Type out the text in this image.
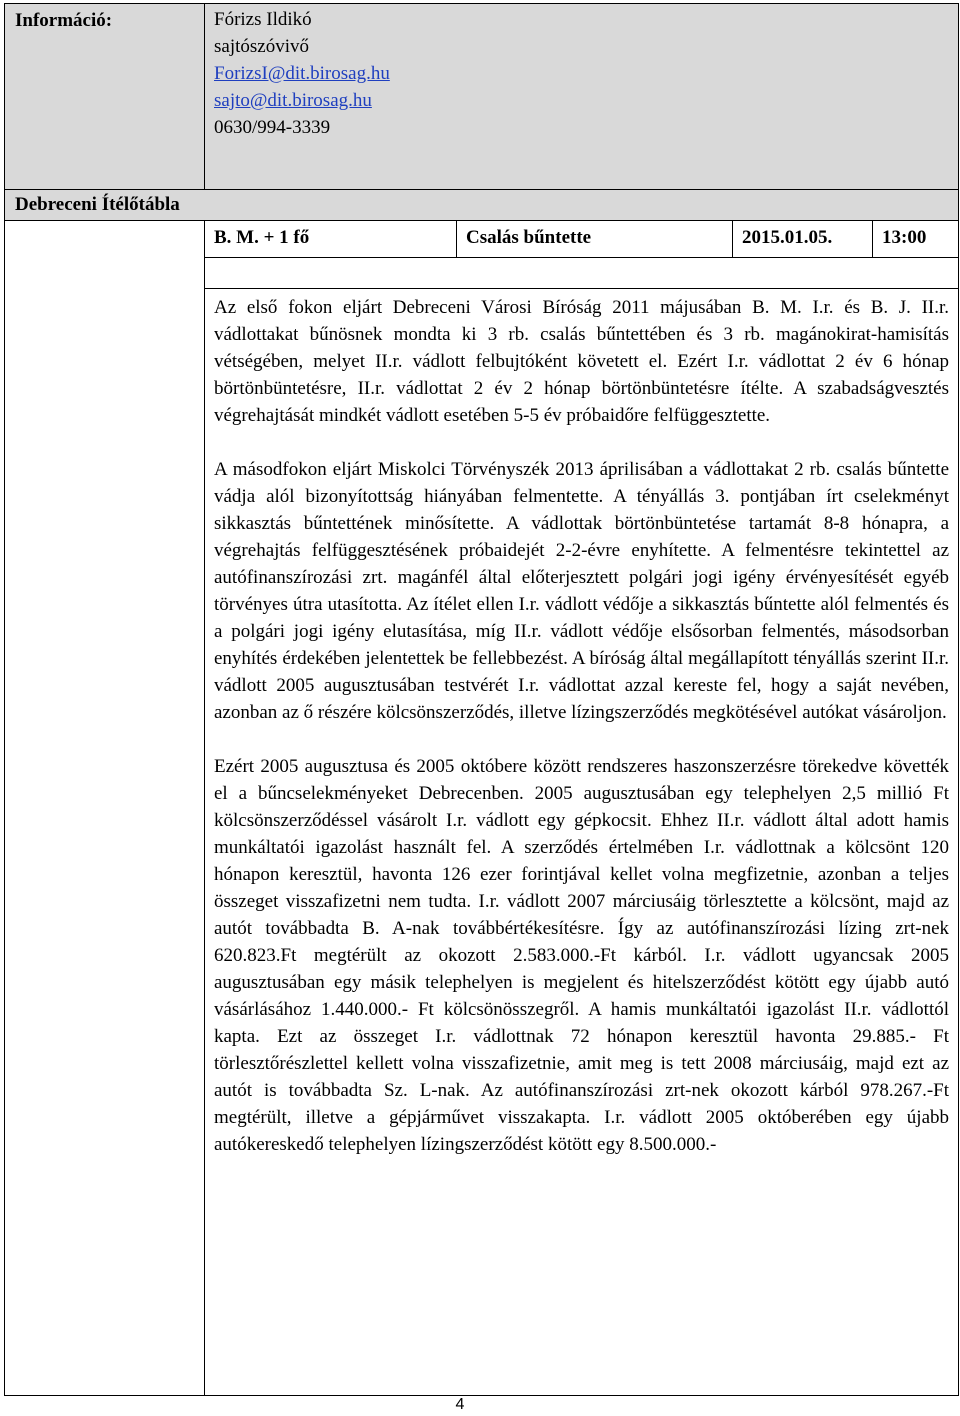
Információ:	Fórizs Ildikó
sajtószóvivő
ForizsI@dit.birosag.hu
sajto@dit.birosag.hu
0630/994-3339			

Debreceni Ítélőtábla				
	B. M. + 1 fő	Csalás bűntette	2015.01.05.	13:00

	Az első fokon eljárt Debreceni Városi Bíróság 2011 májusában B. M. I.r. és B. J. II.r. vádlottakat bűnösnek mondta ki 3 rb. csalás bűntettében és 3 rb. magánokirat-hamisítás vétségében, melyet II.r. vádlott felbujtóként követett el. Ezért I.r. vádlottat 2 év 6 hónap börtönbüntetésre, II.r. vádlottat 2 év 2 hónap börtönbüntetésre ítélte. A szabadságvesztés végrehajtását mindkét vádlott esetében 5-5 év próbaidőre felfüggesztette.

A másodfokon eljárt Miskolci Törvényszék 2013 áprilisában a vádlottakat 2 rb. csalás bűntette vádja alól bizonyítottság hiányában felmentette. A tényállás 3. pontjában írt cselekményt sikkasztás bűntettének minősítette. A vádlottak börtönbüntetése tartamát 8-8 hónapra, a végrehajtás felfüggesztésének próbaidejét 2-2-évre enyhítette. A felmentésre tekintettel az autófinanszírozási zrt. magánfél által előterjesztett polgári jogi igény érvényesítését egyéb törvényes útra utasította. Az ítélet ellen I.r. vádlott védője a sikkasztás bűntette alól felmentés és a polgári jogi igény elutasítása, míg II.r. vádlott védője elsősorban felmentés, másodsorban enyhítés érdekében jelentettek be fellebbezést. A bíróság által megállapított tényállás szerint II.r. vádlott 2005 augusztusában testvérét I.r. vádlottat azzal kereste fel, hogy a saját nevében, azonban az ő részére kölcsönszerződés, illetve lízingszerződés megkötésével autókat vásároljon.

Ezért 2005 augusztusa és 2005 októbere között rendszeres haszonszerzésre törekedve követték el a bűncselekményeket Debrecenben. 2005 augusztusában egy telephelyen 2,5 millió Ft kölcsönszerződéssel vásárolt I.r. vádlott egy gépkocsit. Ehhez II.r. vádlott által adott hamis munkáltatói igazolást használt fel. A szerződés értelmében I.r. vádlottnak a kölcsönt 120 hónapon keresztül, havonta 126 ezer forintjával kellet volna megfizetnie, azonban a teljes összeget visszafizetni nem tudta. I.r. vádlott 2007 márciusáig törlesztette a kölcsönt, majd az autót továbbadta B. A-nak továbbértékesítésre. Így az autófinanszírozási lízing zrt-nek 620.823.Ft megtérült az okozott 2.583.000.-Ft kárból. I.r. vádlott ugyancsak 2005 augusztusában egy másik telephelyen is megjelent és hitelszerződést kötött egy újabb autó vásárlásához 1.440.000.- Ft kölcsönösszegről. A hamis munkáltatói igazolást II.r. vádlottól kapta. Ezt az összeget I.r. vádlottnak 72 hónapon keresztül havonta 29.885.- Ft törlesztőrészlettel kellett volna visszafizetnie, amit meg is tett 2008 márciusáig, majd ezt az autót is továbbadta Sz. L-nak. Az autófinanszírozási zrt-nek okozott kárból 978.267.-Ft megtérült, illetve a gépjárművet visszakapta. I.r. vádlott 2005 októberében egy újabb autókereskedő telephelyen lízingszerződést kötött egy 8.500.000.-			

4
